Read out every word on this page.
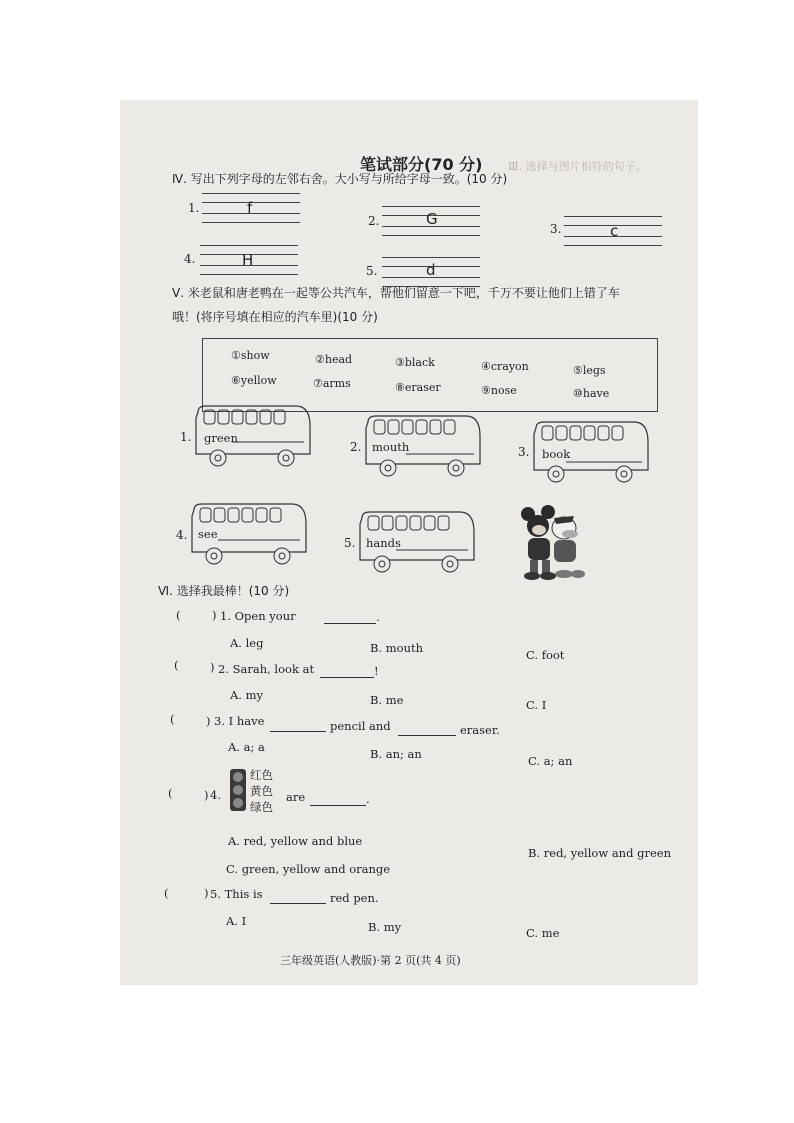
Ⅲ. 选择与图片相符的句子。
笔试部分(70 分)
Ⅳ. 写出下列字母的左邻右舍。大小写与所给字母一致。(10 分)
1.	f
2.	G
3.	c
4.	H
5.	d
Ⅴ. 米老鼠和唐老鸭在一起等公共汽车，帮他们留意一下吧，千万不要让他们上错了车
哦！(将序号填在相应的汽车里)(10 分)
①show	②head	③black	④crayon	⑤legs
⑥yellow	⑦arms	⑧eraser	⑨nose	⑩have
1. green
2. mouth	3. book
4. see
5. hands
Ⅵ. 选择我最棒！(10 分)
(	) 1. Open your	.
A. leg	B. mouth	C. foot
(	) 2. Sarah, look at	!
A. my	B. me	C. I
(	) 3. I have	pencil and	eraser.
A. a; a	B. an; an	C. a; an
(	) 4.
红色
黄色
绿色
are	.
A. red, yellow and blue
B. red, yellow and green
C. green, yellow and orange
(	) 5. This is	red pen.
A. I	B. my	C. me
三年级英语(人教版)·第 2 页(共 4 页)
